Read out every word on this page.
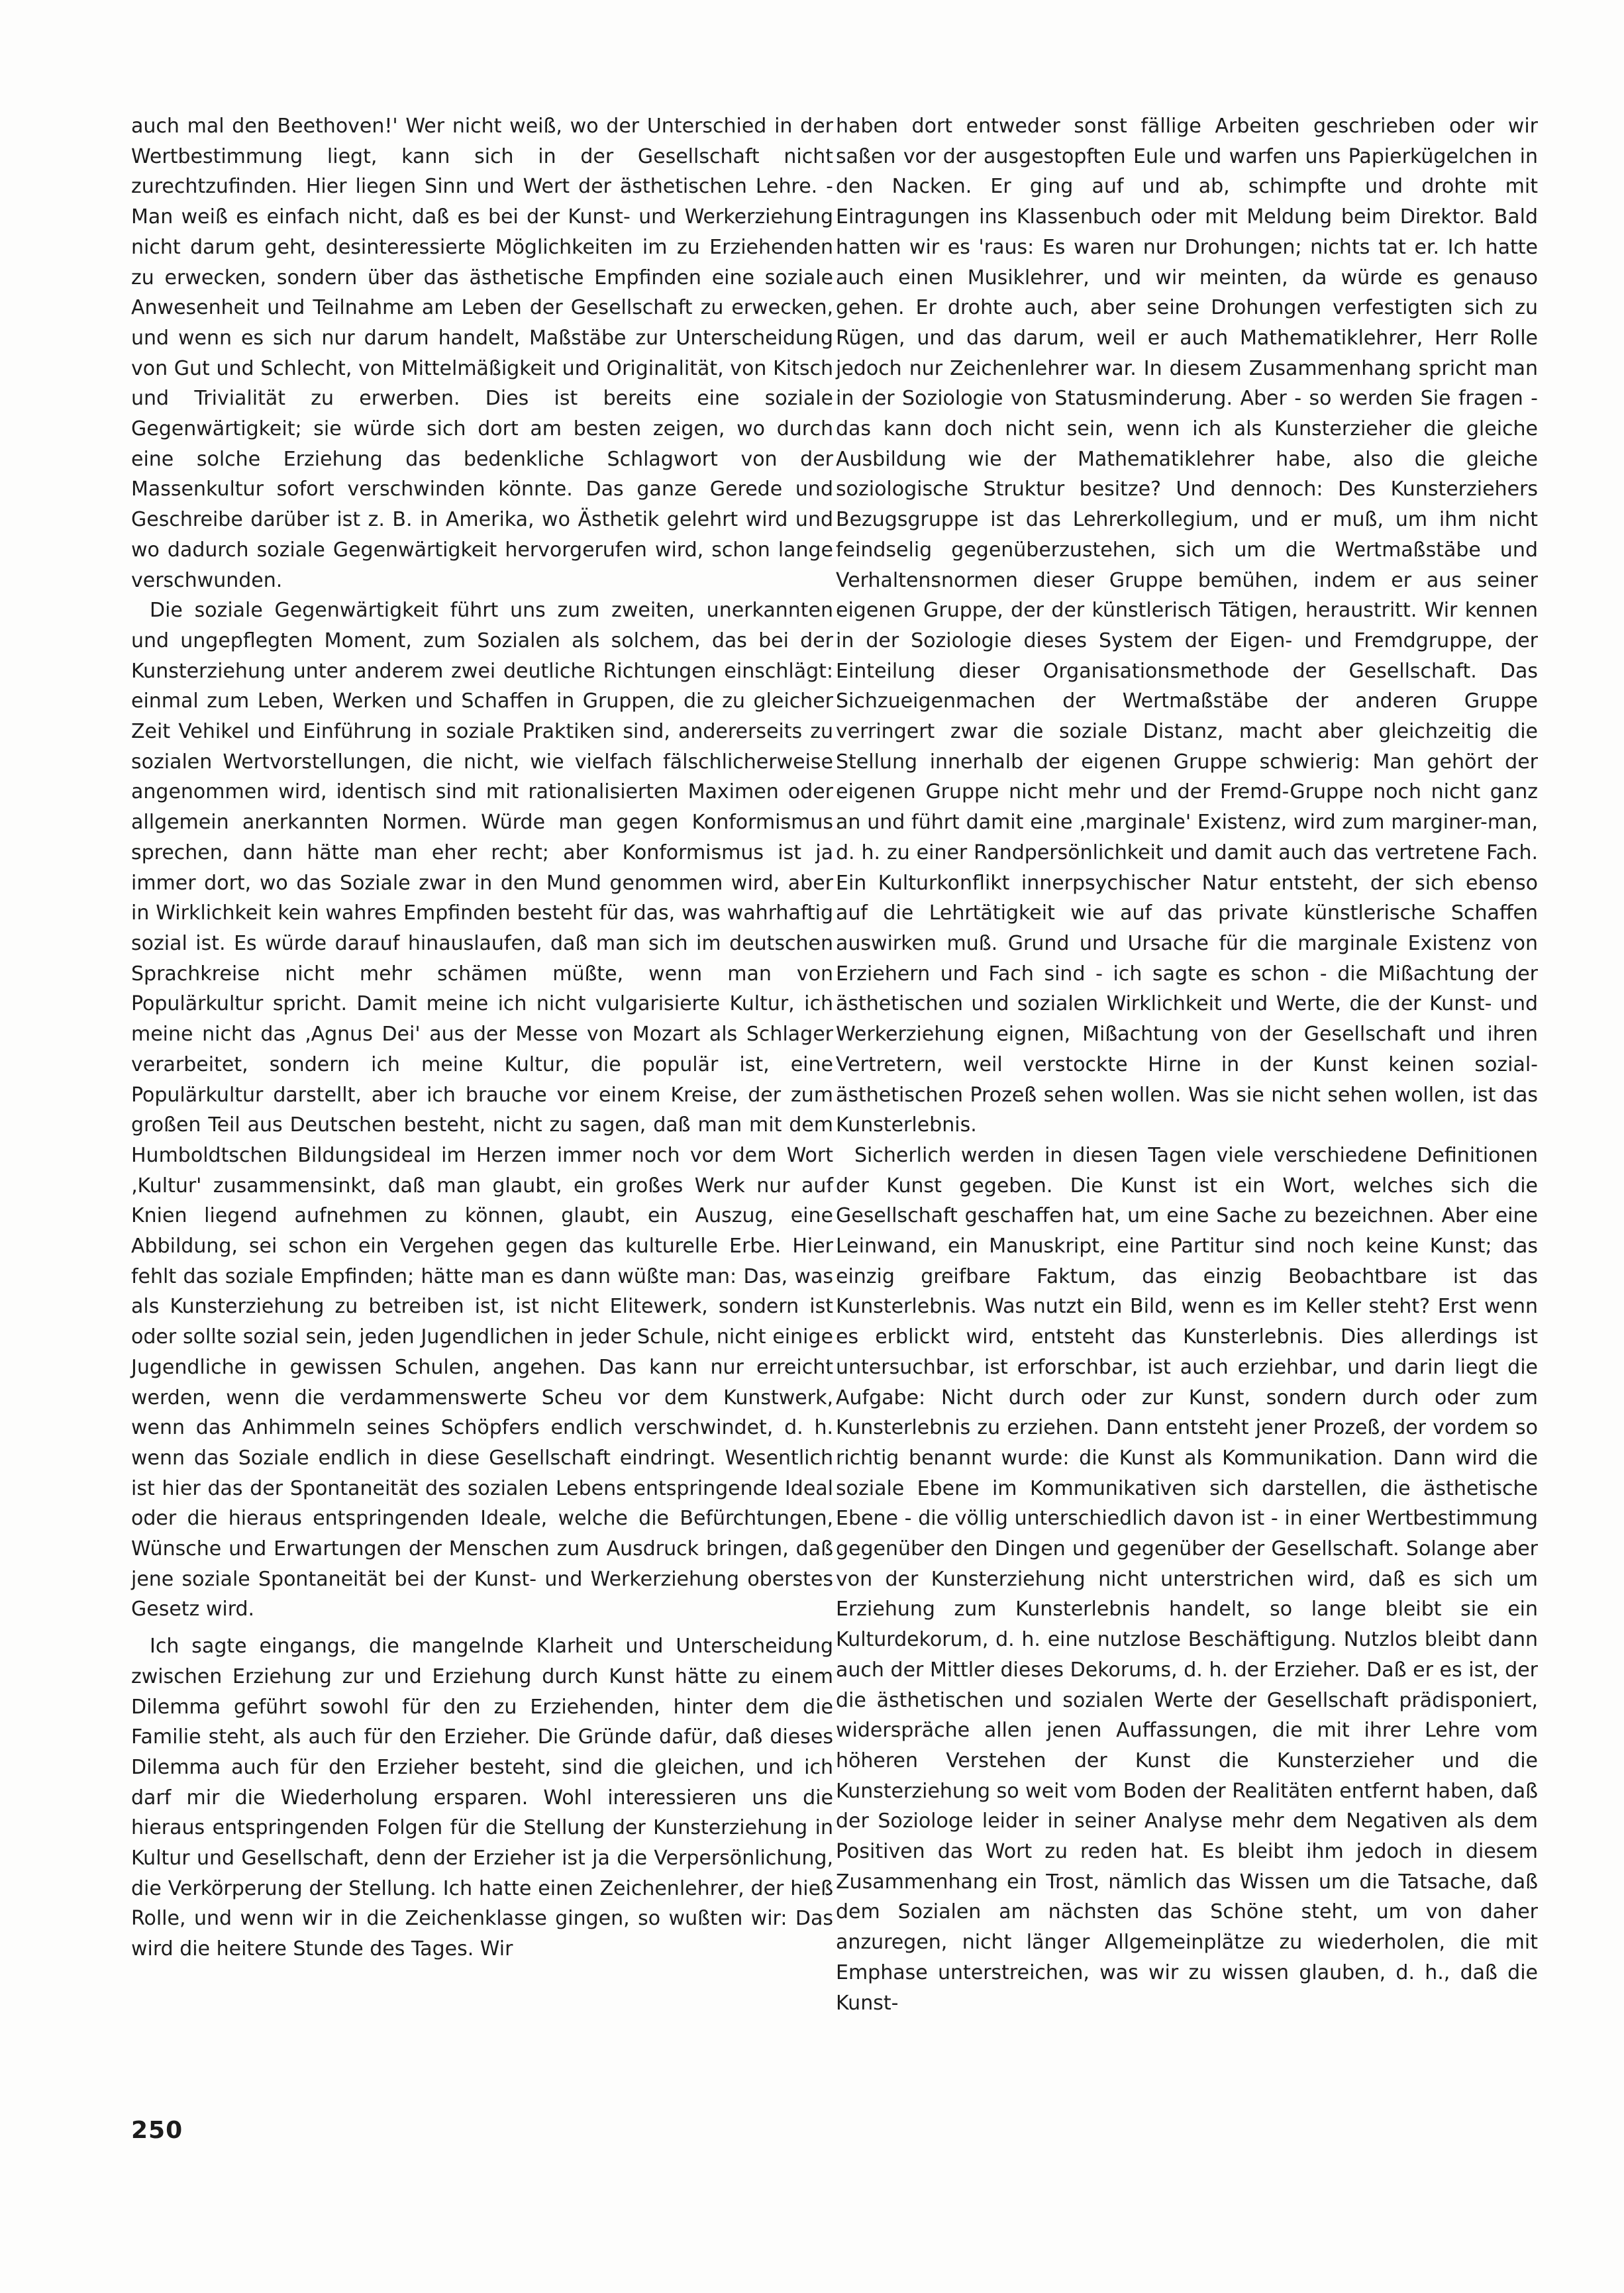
auch mal den Beethoven!' Wer nicht weiß, wo der Unterschied in der Wertbestimmung liegt, kann sich in der Gesellschaft nicht zurechtzufinden. Hier liegen Sinn und Wert der ästhetischen Lehre. - Man weiß es einfach nicht, daß es bei der Kunst- und Werkerziehung nicht darum geht, desinteressierte Möglichkeiten im zu Erziehenden zu erwecken, sondern über das ästhetische Empfinden eine soziale Anwesenheit und Teilnahme am Leben der Gesellschaft zu erwecken, und wenn es sich nur darum handelt, Maßstäbe zur Unterscheidung von Gut und Schlecht, von Mittelmäßigkeit und Originalität, von Kitsch und Trivialität zu erwerben. Dies ist bereits eine soziale Gegenwärtigkeit; sie würde sich dort am besten zeigen, wo durch eine solche Erziehung das bedenkliche Schlagwort von der Massenkultur sofort verschwinden könnte. Das ganze Gerede und Geschreibe darüber ist z. B. in Amerika, wo Ästhetik gelehrt wird und wo dadurch soziale Gegenwärtigkeit hervorgerufen wird, schon lange verschwunden.

Die soziale Gegenwärtigkeit führt uns zum zweiten, unerkannten und ungepflegten Moment, zum Sozialen als solchem, das bei der Kunsterziehung unter anderem zwei deutliche Richtungen einschlägt: einmal zum Leben, Werken und Schaffen in Gruppen, die zu gleicher Zeit Vehikel und Einführung in soziale Praktiken sind, andererseits zu sozialen Wertvorstellungen, die nicht, wie vielfach fälschlicherweise angenommen wird, identisch sind mit rationalisierten Maximen oder allgemein anerkannten Normen. Würde man gegen Konformismus sprechen, dann hätte man eher recht; aber Konformismus ist ja immer dort, wo das Soziale zwar in den Mund genommen wird, aber in Wirklichkeit kein wahres Empfinden besteht für das, was wahrhaftig sozial ist. Es würde darauf hinauslaufen, daß man sich im deutschen Sprachkreise nicht mehr schämen müßte, wenn man von Populärkultur spricht. Damit meine ich nicht vulgarisierte Kultur, ich meine nicht das ‚Agnus Dei' aus der Messe von Mozart als Schlager verarbeitet, sondern ich meine Kultur, die populär ist, eine Populärkultur darstellt, aber ich brauche vor einem Kreise, der zum großen Teil aus Deutschen besteht, nicht zu sagen, daß man mit dem Humboldtschen Bildungsideal im Herzen immer noch vor dem Wort ‚Kultur' zusammensinkt, daß man glaubt, ein großes Werk nur auf Knien liegend aufnehmen zu können, glaubt, ein Auszug, eine Abbildung, sei schon ein Vergehen gegen das kulturelle Erbe. Hier fehlt das soziale Empfinden; hätte man es dann wüßte man: Das, was als Kunsterziehung zu betreiben ist, ist nicht Elitewerk, sondern ist oder sollte sozial sein, jeden Jugendlichen in jeder Schule, nicht einige Jugendliche in gewissen Schulen, angehen. Das kann nur erreicht werden, wenn die verdammenswerte Scheu vor dem Kunstwerk, wenn das Anhimmeln seines Schöpfers endlich verschwindet, d. h. wenn das Soziale endlich in diese Gesellschaft eindringt. Wesentlich ist hier das der Spontaneität des sozialen Lebens entspringende Ideal oder die hieraus entspringenden Ideale, welche die Befürchtungen, Wünsche und Erwartungen der Menschen zum Ausdruck bringen, daß jene soziale Spontaneität bei der Kunst- und Werkerziehung oberstes Gesetz wird.

Ich sagte eingangs, die mangelnde Klarheit und Unterscheidung zwischen Erziehung zur und Erziehung durch Kunst hätte zu einem Dilemma geführt sowohl für den zu Erziehenden, hinter dem die Familie steht, als auch für den Erzieher. Die Gründe dafür, daß dieses Dilemma auch für den Erzieher besteht, sind die gleichen, und ich darf mir die Wiederholung ersparen. Wohl interessieren uns die hieraus entspringenden Folgen für die Stellung der Kunsterziehung in Kultur und Gesellschaft, denn der Erzieher ist ja die Verpersönlichung, die Verkörperung der Stellung. Ich hatte einen Zeichenlehrer, der hieß Rolle, und wenn wir in die Zeichenklasse gingen, so wußten wir: Das wird die heitere Stunde des Tages. Wir

haben dort entweder sonst fällige Arbeiten geschrieben oder wir saßen vor der ausgestopften Eule und warfen uns Papierkügelchen in den Nacken. Er ging auf und ab, schimpfte und drohte mit Eintragungen ins Klassenbuch oder mit Meldung beim Direktor. Bald hatten wir es 'raus: Es waren nur Drohungen; nichts tat er. Ich hatte auch einen Musiklehrer, und wir meinten, da würde es genauso gehen. Er drohte auch, aber seine Drohungen verfestigten sich zu Rügen, und das darum, weil er auch Mathematiklehrer, Herr Rolle jedoch nur Zeichenlehrer war. In diesem Zusammenhang spricht man in der Soziologie von Statusminderung. Aber - so werden Sie fragen - das kann doch nicht sein, wenn ich als Kunsterzieher die gleiche Ausbildung wie der Mathematiklehrer habe, also die gleiche soziologische Struktur besitze? Und dennoch: Des Kunsterziehers Bezugsgruppe ist das Lehrerkollegium, und er muß, um ihm nicht feindselig gegenüberzustehen, sich um die Wertmaßstäbe und Verhaltensnormen dieser Gruppe bemühen, indem er aus seiner eigenen Gruppe, der der künstlerisch Tätigen, heraustritt. Wir kennen in der Soziologie dieses System der Eigen- und Fremdgruppe, der Einteilung dieser Organisationsmethode der Gesellschaft. Das Sichzueigenmachen der Wertmaßstäbe der anderen Gruppe verringert zwar die soziale Distanz, macht aber gleichzeitig die Stellung innerhalb der eigenen Gruppe schwierig: Man gehört der eigenen Gruppe nicht mehr und der Fremd-Gruppe noch nicht ganz an und führt damit eine ‚marginale' Existenz, wird zum marginer-man, d. h. zu einer Randpersönlichkeit und damit auch das vertretene Fach. Ein Kulturkonflikt innerpsychischer Natur entsteht, der sich ebenso auf die Lehrtätigkeit wie auf das private künstlerische Schaffen auswirken muß. Grund und Ursache für die marginale Existenz von Erziehern und Fach sind - ich sagte es schon - die Mißachtung der ästhetischen und sozialen Wirklichkeit und Werte, die der Kunst- und Werkerziehung eignen, Mißachtung von der Gesellschaft und ihren Vertretern, weil verstockte Hirne in der Kunst keinen sozial-ästhetischen Prozeß sehen wollen. Was sie nicht sehen wollen, ist das Kunsterlebnis.

Sicherlich werden in diesen Tagen viele verschiedene Definitionen der Kunst gegeben. Die Kunst ist ein Wort, welches sich die Gesellschaft geschaffen hat, um eine Sache zu bezeichnen. Aber eine Leinwand, ein Manuskript, eine Partitur sind noch keine Kunst; das einzig greifbare Faktum, das einzig Beobachtbare ist das Kunsterlebnis. Was nutzt ein Bild, wenn es im Keller steht? Erst wenn es erblickt wird, entsteht das Kunsterlebnis. Dies allerdings ist untersuchbar, ist erforschbar, ist auch erziehbar, und darin liegt die Aufgabe: Nicht durch oder zur Kunst, sondern durch oder zum Kunsterlebnis zu erziehen. Dann entsteht jener Prozeß, der vordem so richtig benannt wurde: die Kunst als Kommunikation. Dann wird die soziale Ebene im Kommunikativen sich darstellen, die ästhetische Ebene - die völlig unterschiedlich davon ist - in einer Wertbestimmung gegenüber den Dingen und gegenüber der Gesellschaft. Solange aber von der Kunsterziehung nicht unterstrichen wird, daß es sich um Erziehung zum Kunsterlebnis handelt, so lange bleibt sie ein Kulturdekorum, d. h. eine nutzlose Beschäftigung. Nutzlos bleibt dann auch der Mittler dieses Dekorums, d. h. der Erzieher. Daß er es ist, der die ästhetischen und sozialen Werte der Gesellschaft prädisponiert, widerspräche allen jenen Auffassungen, die mit ihrer Lehre vom höheren Verstehen der Kunst die Kunsterzieher und die Kunsterziehung so weit vom Boden der Realitäten entfernt haben, daß der Soziologe leider in seiner Analyse mehr dem Negativen als dem Positiven das Wort zu reden hat. Es bleibt ihm jedoch in diesem Zusammenhang ein Trost, nämlich das Wissen um die Tatsache, daß dem Sozialen am nächsten das Schöne steht, um von daher anzuregen, nicht länger Allgemeinplätze zu wiederholen, die mit Emphase unterstreichen, was wir zu wissen glauben, d. h., daß die Kunst-

250
